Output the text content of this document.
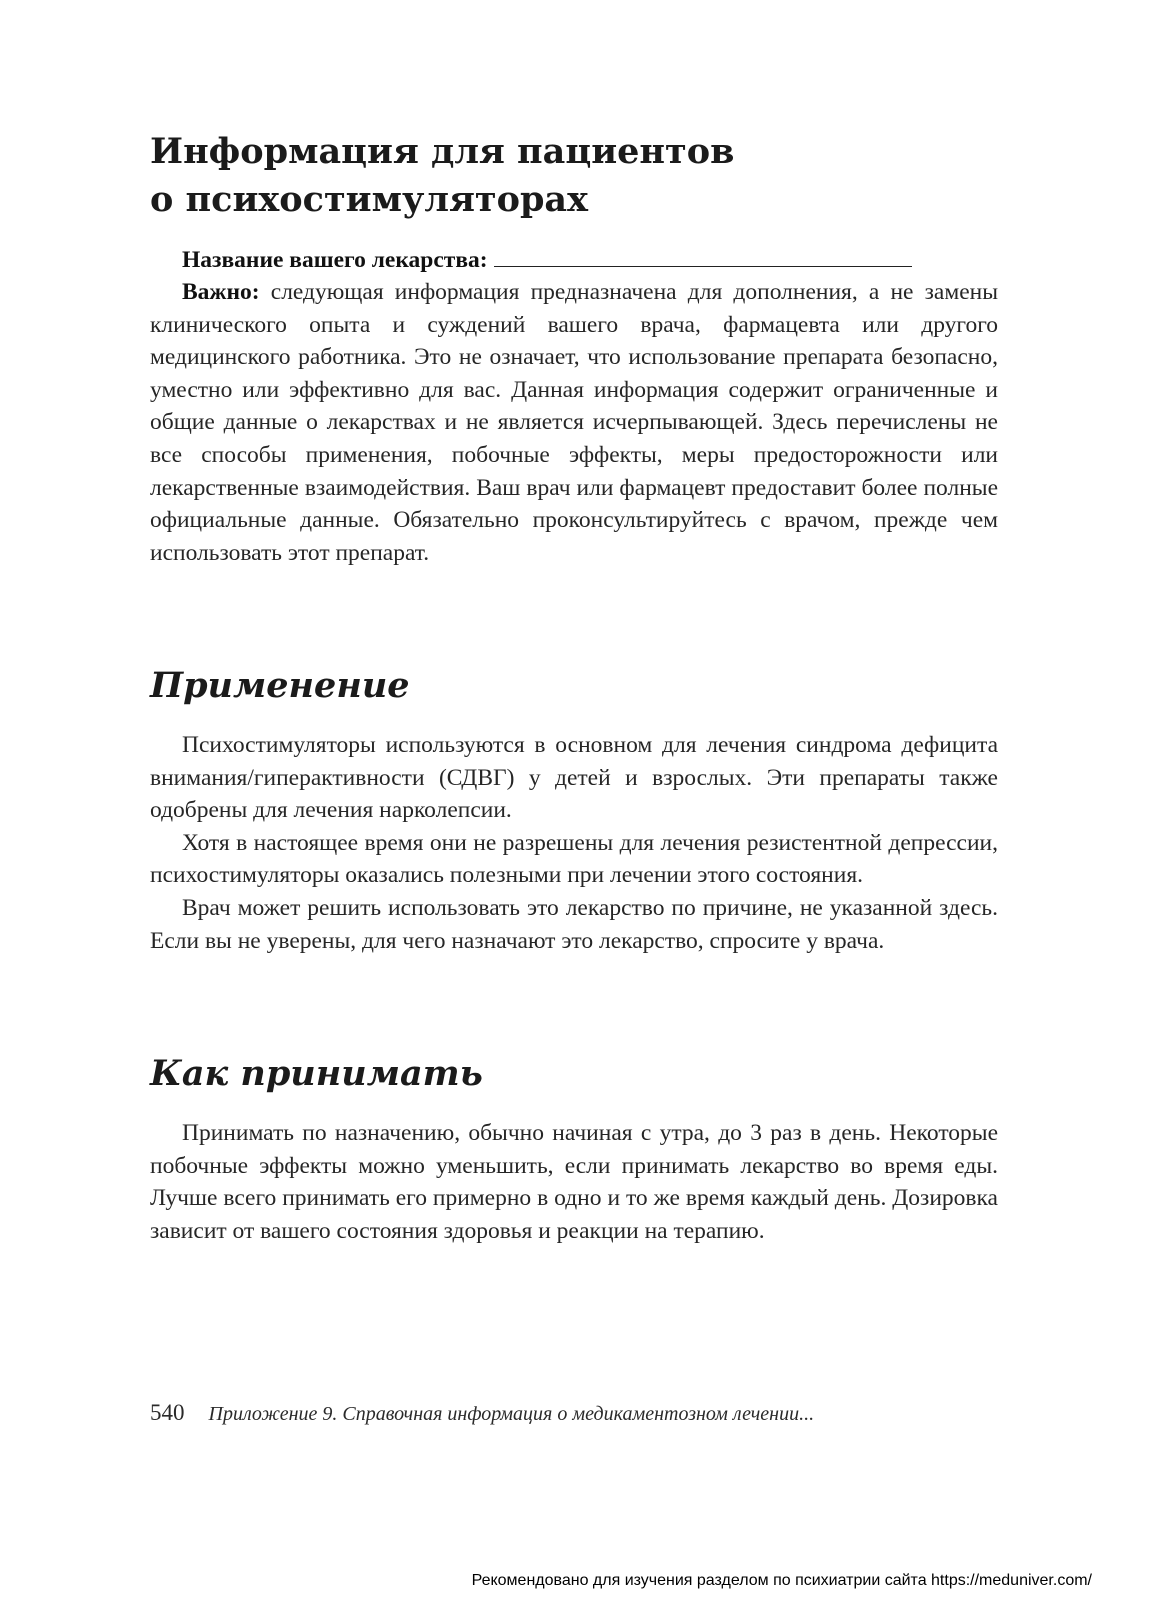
Информация для пациентов
о психостимуляторах

Название вашего лекарства:

Важно: следующая информация предназначена для дополнения, а не замены клинического опыта и суждений вашего врача, фармацевта или другого медицинского работника. Это не означает, что использование препарата безопасно, уместно или эффективно для вас. Данная информация содержит ограниченные и общие данные о лекарствах и не является исчерпывающей. Здесь перечислены не все способы применения, побочные эффекты, меры предосторожности или лекарственные взаимодействия. Ваш врач или фармацевт предоставит более полные официальные данные. Обязательно проконсультируйтесь с врачом, прежде чем использовать этот препарат.

Применение

Психостимуляторы используются в основном для лечения синдрома дефицита внимания/гиперактивности (СДВГ) у детей и взрослых. Эти препараты также одобрены для лечения нарколепсии.

Хотя в настоящее время они не разрешены для лечения резистентной депрессии, психостимуляторы оказались полезными при лечении этого состояния.

Врач может решить использовать это лекарство по причине, не указанной здесь. Если вы не уверены, для чего назначают это лекарство, спросите у врача.

Как принимать

Принимать по назначению, обычно начиная с утра, до 3 раз в день. Некоторые побочные эффекты можно уменьшить, если принимать лекарство во время еды. Лучше всего принимать его примерно в одно и то же время каждый день. Дозировка зависит от вашего состояния здоровья и реакции на терапию.

540 Приложение 9. Справочная информация о медикаментозном лечении...
Рекомендовано для изучения разделом по психиатрии сайта https://meduniver.com/
